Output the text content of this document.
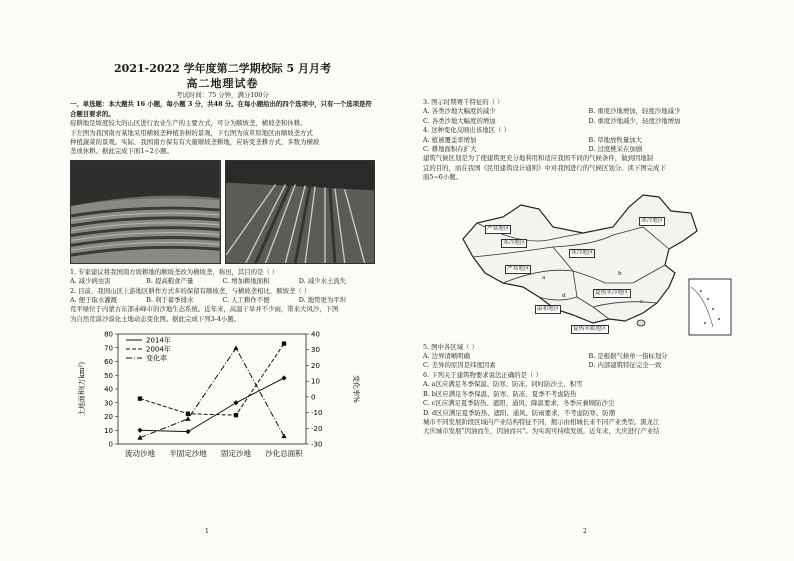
2021-2022 学年度第二学期校际 5 月月考
高二地理试卷

考试时间：75 分钟，满分100分

一、单选题：本大题共 16 小题，每小题 3 分，共48 分。在每小题给出的四个选项中，只有一个选项是符合题目要求的。

痘耕地是坡度较大的山区进行农业生产的主要方式，可分为顺坡垄、横坡垄和休耕。

下左图为我国南方某地采用横坡垄种植茶树的景观，下右图为该草原地区由顺坡垄方式

种植蔬菜的景观。实际，我国南方保有有大量顺坡垄耕地，应转变垄耕方式，多数为横坡

垄或休耕。据此完成下面1~2小题。

1. 专家建议将我国南方坡耕地的顺坡垄改为横坡垄，称田，其目的是（ ）

A. 减少病虫害	B. 提高粮食产量	C. 增加耕地面积	D. 减少水土流失

2. 目前，我国山区上游地区耕作方式多的保留有顺坡垄，与横坡垄相比，顺坡垄（ ）

A. 便于取水灌溉	B. 利于蓄季排水	C. 人工耕作不便	D. 地势更为平坦

荒平绿位于内蒙古东部赤峰市的沙地生态系统。近年来，高温干旱并不少雨，带来大风沙，下图

为自然荒漠沙漠化土地动态变化图。据此完成下列3-4小题。

0
10
20
30
40
50
60
70
80
-30
-20
-10
0
10
20
30
40
流动沙地 半固定沙地 固定沙地 沙化总面积
土地面积(万km²)	变化率%
2014年
2004年
变化率
1

3. 图示时期赛千特征的（ ）

A. 各类沙地大幅度的减少	B. 重度沙地增加，轻度沙地减少
C. 各类沙地大幅度的增加	D. 重度沙地减少，轻度沙地增加

4. 这种变化反映出该地区（ ）

A. 植被覆盖率增加	B. 草地放牧量加大
C. 耕地面积在扩大	D. 过度樵采在加剧

建筑气候区划是为了使建筑更充分地利用和适应我国不同的气候条件，做到因地制

宜的目的，而在我国《民用建筑设计通则》中对我国进行的气候区划分。读下图完成下

面5~6小题。

严寒地区
寒冷地区
严寒地区
寒冷地区
夏热冬冷地区
温和地区
夏热冬暖地区
寒冷地区
a
b
c
d

5. 图中各区域（ ）

A. 边界清晰明确	B. 是根据气候单一指标划分
C. 差异的原因是纬度因素	D. 内部建筑特征完全一致

6. 下列关于建筑物要求说法正确的是（ ）

A. a区应满足冬季保温、防寒、防冻，同时防沙土、积雪

B. b区应满足冬季保温、防寒、防冻，夏季不考虑防热

C. c区应满足夏季防热、遮阳、通风、降温要求，冬季应兼顾防沙尘

D. d区应满足夏季防热、遮阳、通风、防雨要求，不考虑防寒、防潮

城市不同发展阶段区域内产业结构特征不同，揭示由相城长来不同产业类型。黑龙江

大庆城市发展“因油而生，因油而兴”。为实现可持续发展，近年来，大庆进行产业结

2
